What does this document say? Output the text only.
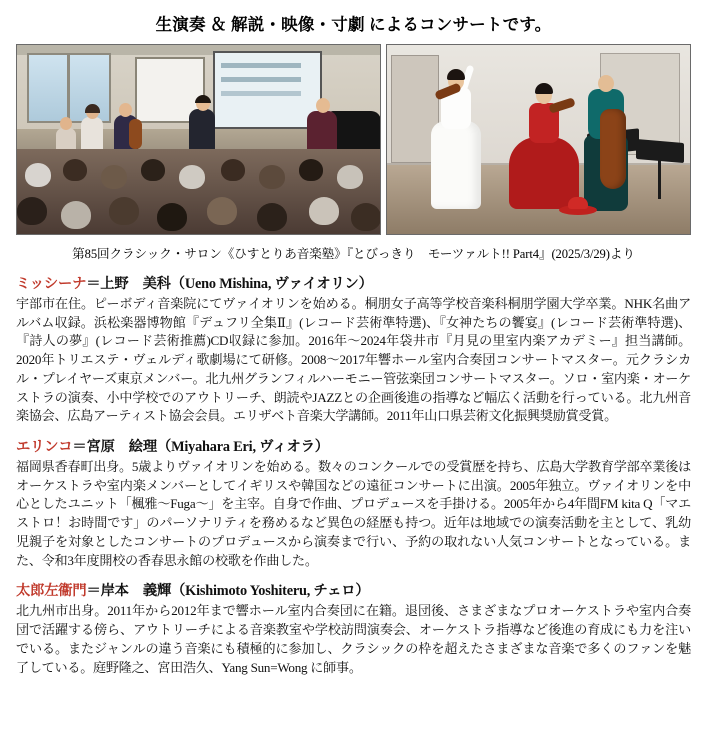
生演奏 ＆ 解説・映像・寸劇 によるコンサートです。
第85回クラシック・サロン《ひすとりあ音楽塾》『とびっきり　モーツァルト!! Part4』(2025/3/29)より
ミッシーナ＝上野　美科（Ueno Mishina, ヴァイオリン）
宇部市在住。ピーボディ音楽院にてヴァイオリンを始める。桐朋女子高等学校音楽科桐朋学園大学卒業。NHK名曲アルバム収録。浜松楽器博物館『デュフリ全集Ⅱ』(レコード芸術準特選)、『女神たちの饗宴』(レコード芸術準特選)、『詩人の夢』(レコード芸術推薦)CD収録に参加。2016年〜2024年袋井市『月見の里室内楽アカデミー』担当講師。2020年トリエステ・ヴェルディ歌劇場にて研修。2008〜2017年響ホール室内合奏団コンサートマスター。元クラシカル・プレイヤーズ東京メンバー。北九州グランフィルハーモニー管弦楽団コンサートマスター。ソロ・室内楽・オーケストラの演奏、小中学校でのアウトリーチ、朗読やJAZZとの企画後進の指導など幅広く活動を行っている。北九州音楽協会、広島アーティスト協会会員。エリザベト音楽大学講師。2011年山口県芸術文化振興奨励賞受賞。
エリンコ＝宮原　絵理（Miyahara Eri, ヴィオラ）
福岡県香春町出身。5歳よりヴァイオリンを始める。数々のコンクールでの受賞歴を持ち、広島大学教育学部卒業後はオーケストラや室内楽メンバーとしてイギリスや韓国などの遠征コンサートに出演。2005年独立。ヴァイオリンを中心としたユニット「楓雅〜Fuga〜」を主宰。自身で作曲、プロデュースを手掛ける。2005年から4年間FM kita Q「マエストロ！お時間です」のパーソナリティを務めるなど異色の経歴も持つ。近年は地域での演奏活動を主として、乳幼児親子を対象としたコンサートのプロデュースから演奏まで行い、予約の取れない人気コンサートとなっている。また、令和3年度開校の香春思永館の校歌を作曲した。
太郎左衞門＝岸本　義輝（Kishimoto Yoshiteru, チェロ）
北九州市出身。2011年から2012年まで響ホール室内合奏団に在籍。退団後、さまざまなプロオーケストラや室内合奏団で活躍する傍ら、アウトリーチによる音楽教室や学校訪問演奏会、オーケストラ指導など後進の育成にも力を注いでいる。またジャンルの違う音楽にも積極的に参加し、クラシックの枠を超えたさまざまな音楽で多くのファンを魅了している。庭野隆之、宮田浩久、Yang Sun=Wong に師事。
